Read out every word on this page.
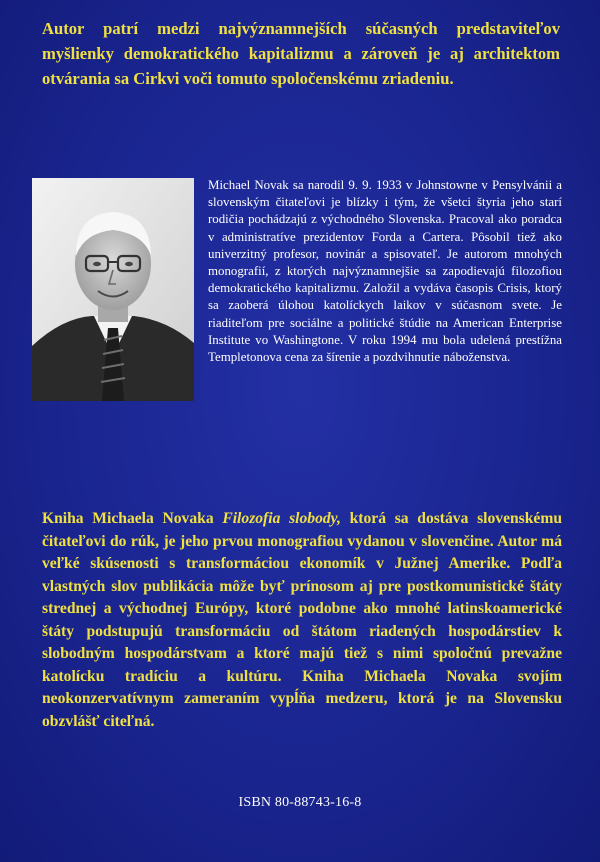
Autor patrí medzi najvýznamnejších súčasných predstaviteľov myšlienky demokratického kapitalizmu a zároveň je aj architektom otvárania sa Cirkvi voči tomuto spoločenskému zriadeniu.

Michael Novak sa narodil 9. 9. 1933 v Johnstowne v Pensylvánii a slovenským čitateľovi je blízky i tým, že všetci štyria jeho starí rodičia pochádzajú z východného Slovenska. Pracoval ako poradca v administratíve prezidentov Forda a Cartera. Pôsobil tiež ako univerzitný profesor, novinár a spisovateľ. Je autorom mnohých monografií, z ktorých najvýznamnejšie sa zapodievajú filozofiou demokratického kapitalizmu. Založil a vydáva časopis Crisis, ktorý sa zaoberá úlohou katolíckych laikov v súčasnom svete. Je riaditeľom pre sociálne a politické štúdie na American Enterprise Institute vo Washingtone. V roku 1994 mu bola udelená prestížna Templetonova cena za šírenie a pozdvihnutie náboženstva.

Kniha Michaela Novaka Filozofia slobody, ktorá sa dostáva slovenskému čitateľovi do rúk, je jeho prvou monografiou vydanou v slovenčine. Autor má veľké skúsenosti s transformáciou ekonomík v Južnej Amerike. Podľa vlastných slov publikácia môže byť prínosom aj pre postkomunistické štáty strednej a východnej Európy, ktoré podobne ako mnohé latinskoamerické štáty podstupujú transformáciu od štátom riadených hospodárstiev k slobodným hospodárstvam a ktoré majú tiež s nimi spoločnú prevažne katolícku tradíciu a kultúru. Kniha Michaela Novaka svojím neokonzervatívnym zameraním vypĺňa medzeru, ktorá je na Slovensku obzvlášť citeľná.

ISBN 80-88743-16-8
